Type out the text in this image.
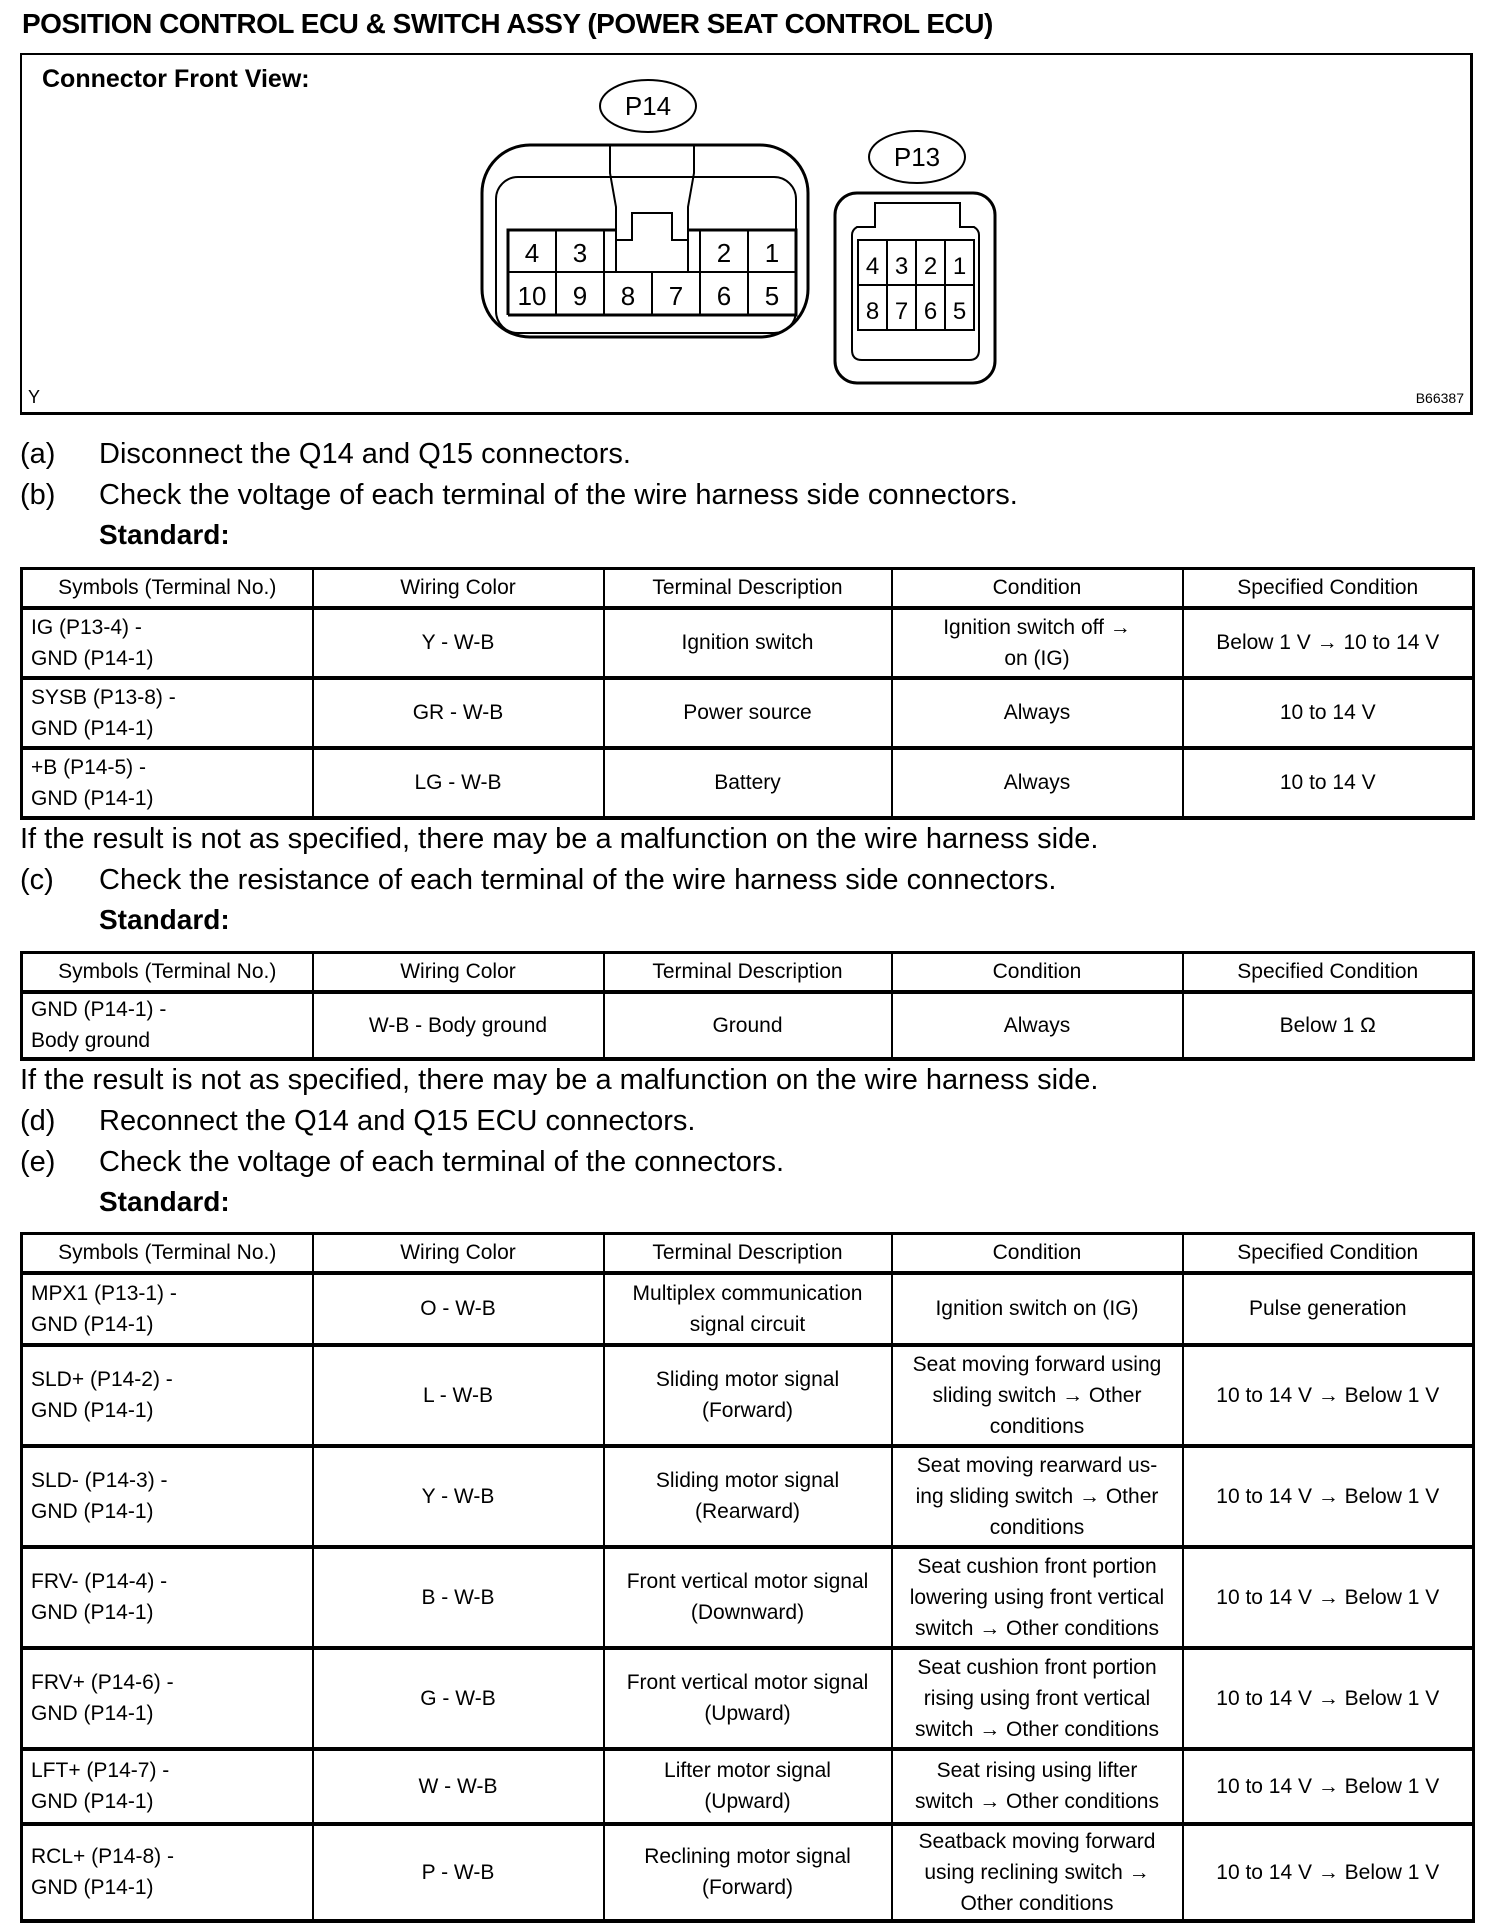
POSITION CONTROL ECU & SWITCH ASSY (POWER SEAT CONTROL ECU)
Connector Front View:
4 3	2 1
10 9 8 7 6 5
P14
4 3 2 1
8 7 6 5
P13
Y	B66387
(a) Disconnect the Q14 and Q15 connectors.
(b) Check the voltage of each terminal of the wire harness side connectors.
Standard:
Symbols (Terminal No.)	Wiring Color	Terminal Description	Condition	Specified Condition
IG (P13-4) -
GND (P14-1)	Y - W-B	Ignition switch	Ignition switch off →
on (IG)	Below 1 V → 10 to 14 V
SYSB (P13-8) -
GND (P14-1)	GR - W-B	Power source	Always	10 to 14 V
+B (P14-5) -
GND (P14-1)	LG - W-B	Battery	Always	10 to 14 V
If the result is not as specified, there may be a malfunction on the wire harness side.
(c) Check the resistance of each terminal of the wire harness side connectors.
Standard:
Symbols (Terminal No.)	Wiring Color	Terminal Description	Condition	Specified Condition
GND (P14-1) -
Body ground	W-B - Body ground	Ground	Always	Below 1 Ω
If the result is not as specified, there may be a malfunction on the wire harness side.
(d) Reconnect the Q14 and Q15 ECU connectors.
(e) Check the voltage of each terminal of the connectors.
Standard:
Symbols (Terminal No.)	Wiring Color	Terminal Description	Condition	Specified Condition
MPX1 (P13-1) -
GND (P14-1)	O - W-B	Multiplex communication
signal circuit	Ignition switch on (IG)	Pulse generation
SLD+ (P14-2) -
GND (P14-1)	L - W-B	Sliding motor signal
(Forward)	Seat moving forward using
sliding switch → Other
conditions	10 to 14 V → Below 1 V
SLD- (P14-3) -
GND (P14-1)	Y - W-B	Sliding motor signal
(Rearward)	Seat moving rearward us-
ing sliding switch → Other
conditions	10 to 14 V → Below 1 V
FRV- (P14-4) -
GND (P14-1)	B - W-B	Front vertical motor signal
(Downward)	Seat cushion front portion
lowering using front vertical
switch → Other conditions	10 to 14 V → Below 1 V
FRV+ (P14-6) -
GND (P14-1)	G - W-B	Front vertical motor signal
(Upward)	Seat cushion front portion
rising using front vertical
switch → Other conditions	10 to 14 V → Below 1 V
LFT+ (P14-7) -
GND (P14-1)	W - W-B	Lifter motor signal
(Upward)	Seat rising using lifter
switch → Other conditions	10 to 14 V → Below 1 V
RCL+ (P14-8) -
GND (P14-1)	P - W-B	Reclining motor signal
(Forward)	Seatback moving forward
using reclining switch →
Other conditions	10 to 14 V → Below 1 V
